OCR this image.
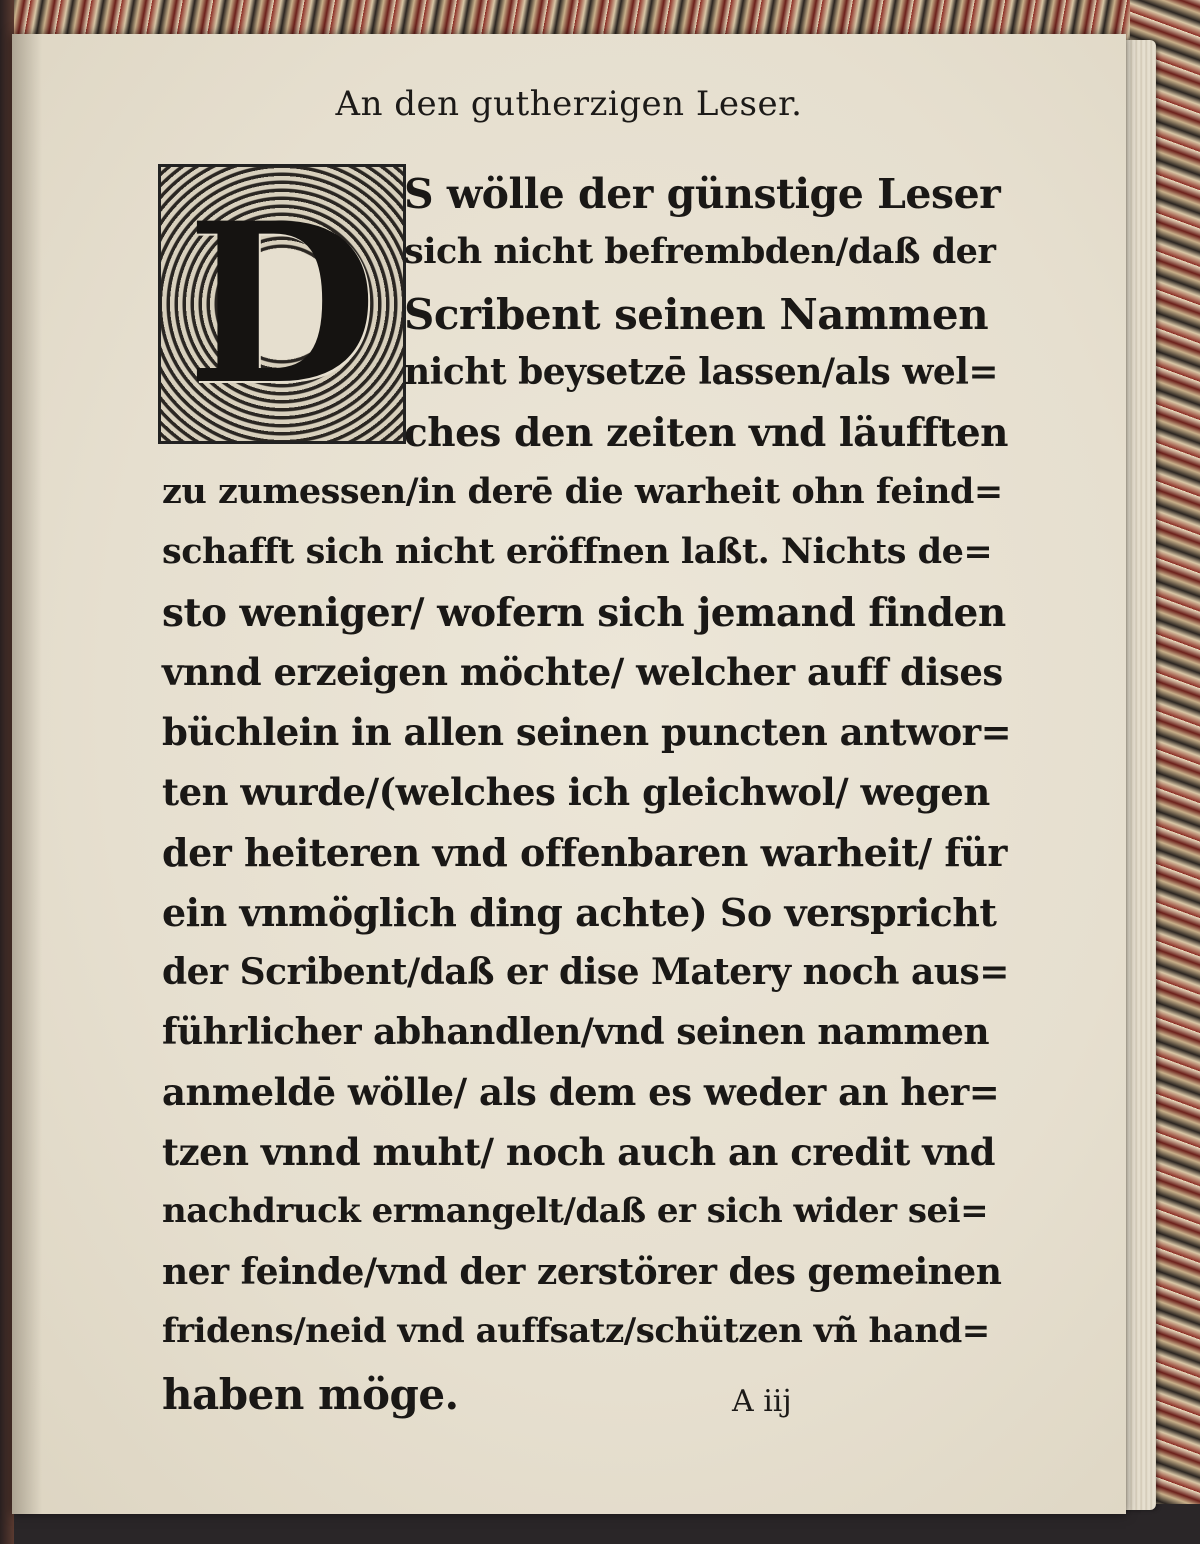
An den gutherzigen Leser.
D S wölle der günstige Leser
sich nicht befrembden/daß der
Scribent seinen Nammen
nicht beysetzē lassen/als wel=
ches den zeiten vnd läufften
zu zumessen/in derē die warheit ohn feind=
schafft sich nicht eröffnen laßt. Nichts de=
sto weniger/ wofern sich jemand finden
vnnd erzeigen möchte/ welcher auff dises
büchlein in allen seinen puncten antwor=
ten wurde/(welches ich gleichwol/ wegen
der heiteren vnd offenbaren warheit/ für
ein vnmöglich ding achte) So verspricht
der Scribent/daß er dise Matery noch aus=
führlicher abhandlen/vnd seinen nammen
anmeldē wölle/ als dem es weder an her=
tzen vnnd muht/ noch auch an credit vnd
nachdruck ermangelt/daß er sich wider sei=
ner feinde/vnd der zerstörer des gemeinen
fridens/neid vnd auffsatz/schützen vñ hand=
haben möge.	A iij
